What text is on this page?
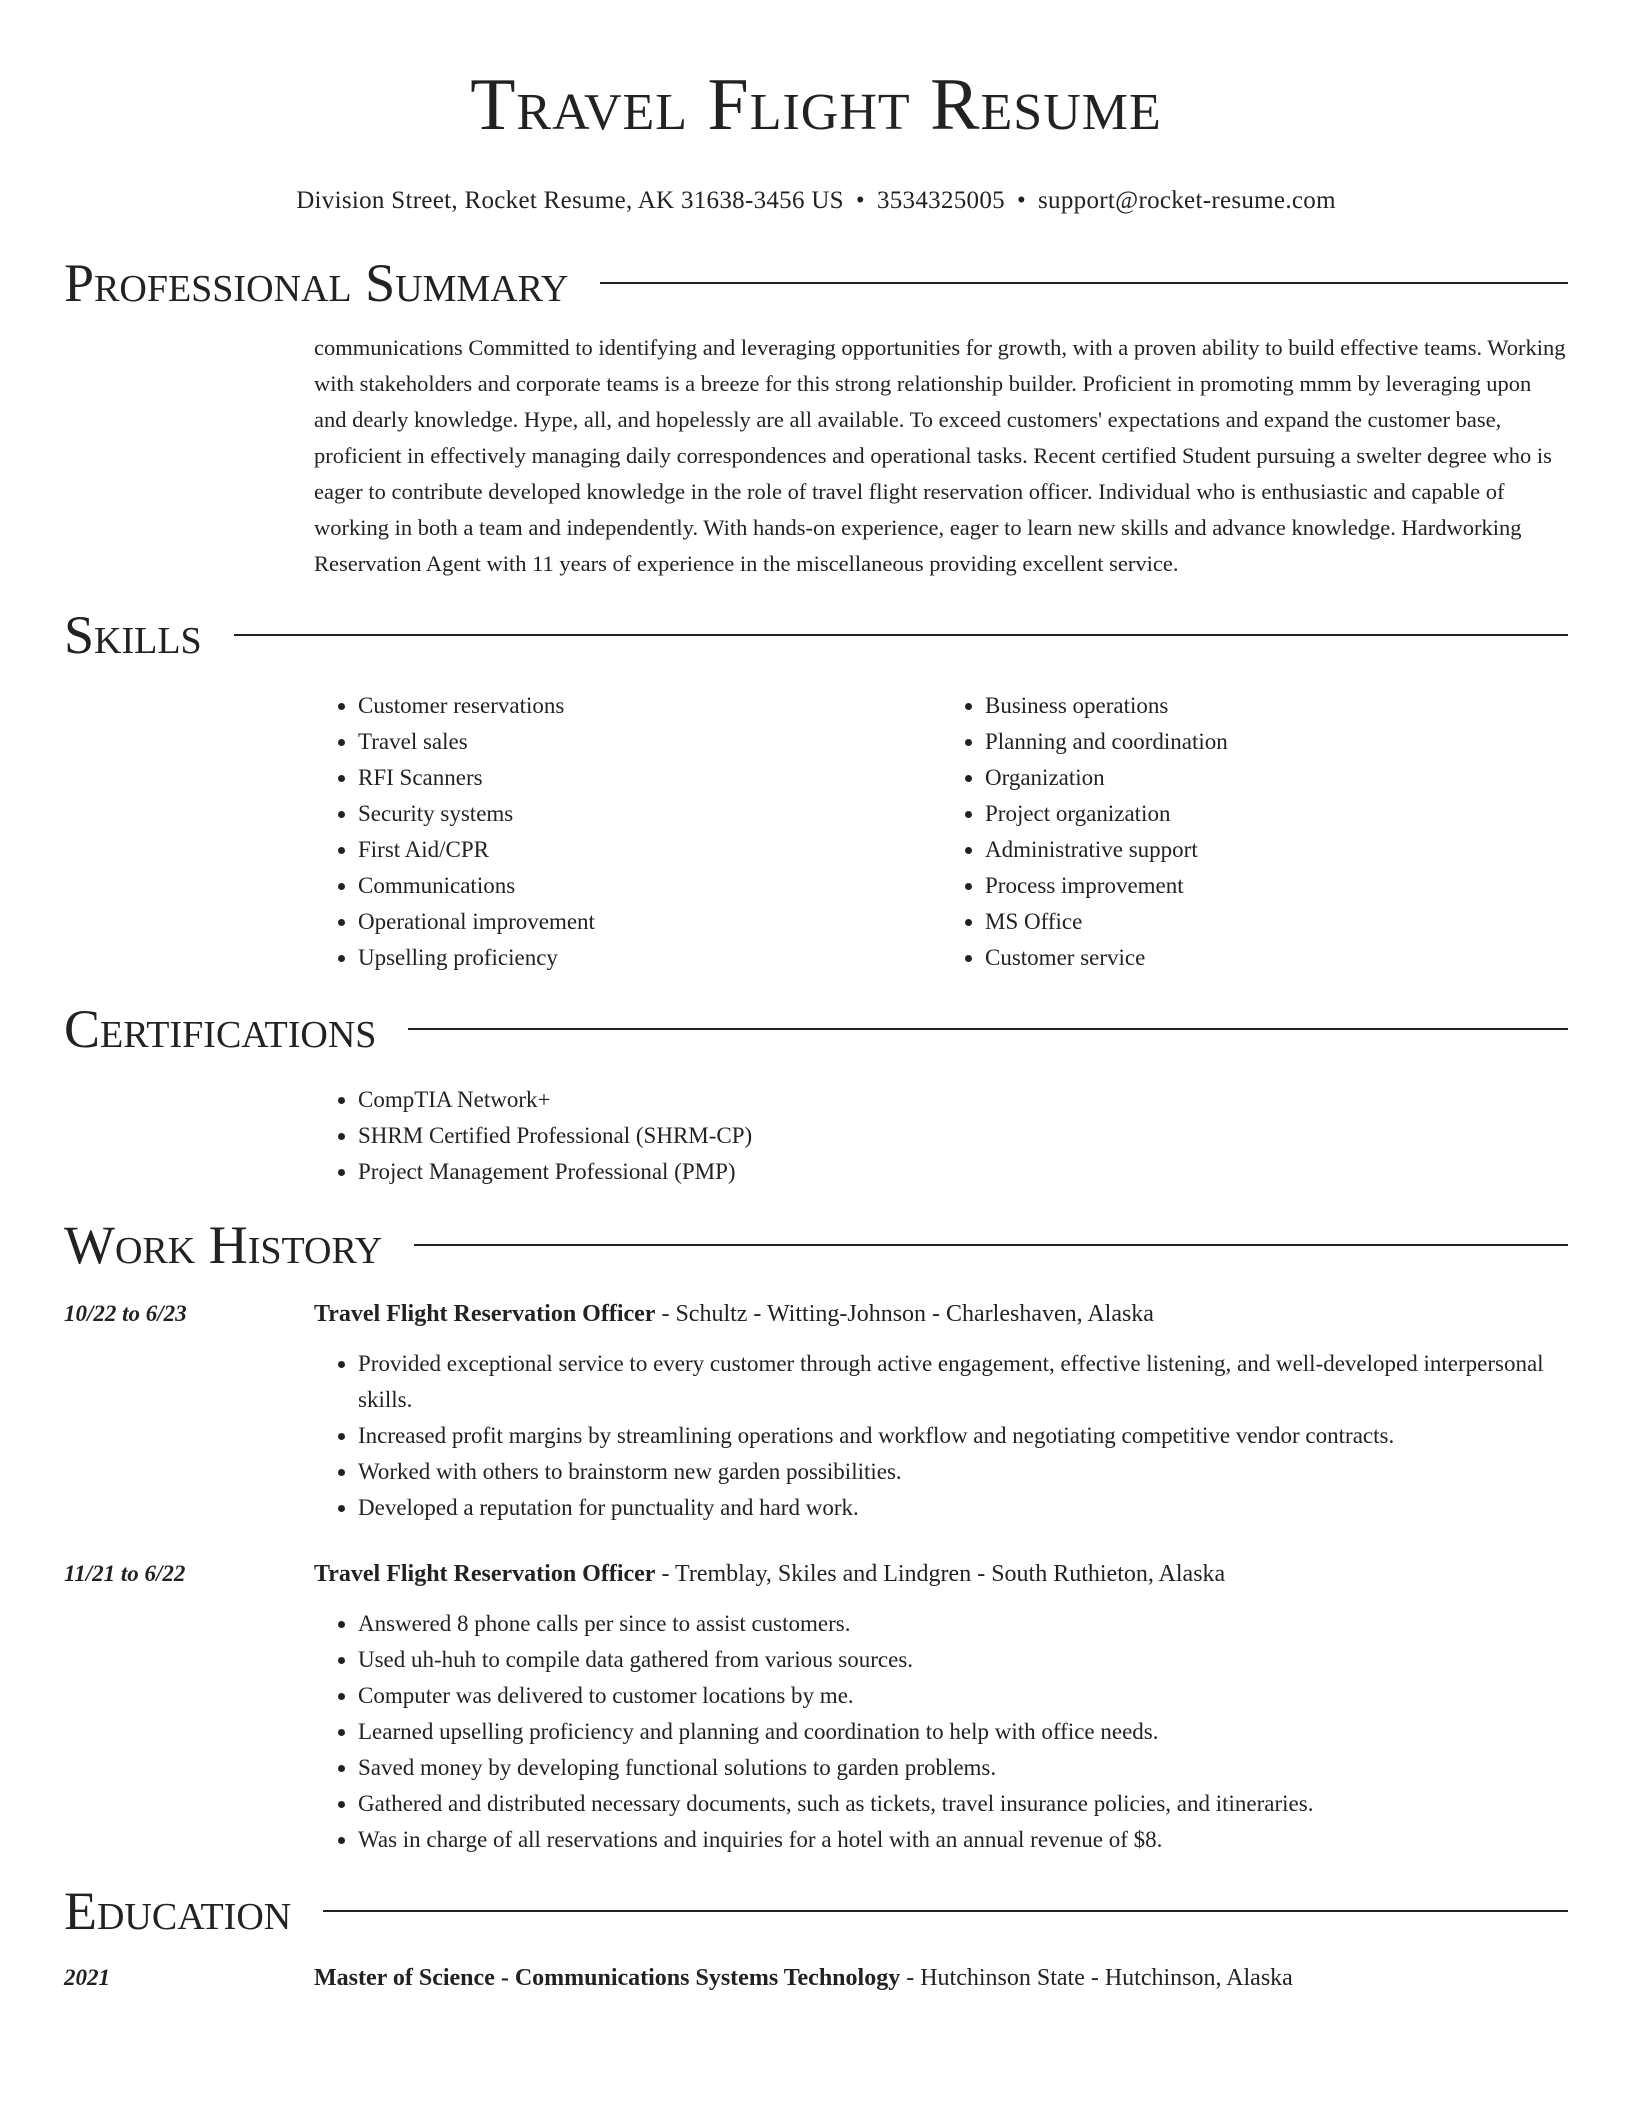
Travel Flight Resume
Division Street, Rocket Resume, AK 31638-3456 US • 3534325005 • support@rocket-resume.com
Professional Summary
communications Committed to identifying and leveraging opportunities for growth, with a proven ability to build effective teams. Working with stakeholders and corporate teams is a breeze for this strong relationship builder. Proficient in promoting mmm by leveraging upon and dearly knowledge. Hype, all, and hopelessly are all available. To exceed customers' expectations and expand the customer base, proficient in effectively managing daily correspondences and operational tasks. Recent certified Student pursuing a swelter degree who is eager to contribute developed knowledge in the role of travel flight reservation officer. Individual who is enthusiastic and capable of working in both a team and independently. With hands-on experience, eager to learn new skills and advance knowledge. Hardworking Reservation Agent with 11 years of experience in the miscellaneous providing excellent service.
Skills
• Customer reservations
• Travel sales
• RFI Scanners
• Security systems
• First Aid/CPR
• Communications
• Operational improvement
• Upselling proficiency
• Business operations
• Planning and coordination
• Organization
• Project organization
• Administrative support
• Process improvement
• MS Office
• Customer service
Certifications
• CompTIA Network+
• SHRM Certified Professional (SHRM-CP)
• Project Management Professional (PMP)
Work History
10/22 to 6/23	Travel Flight Reservation Officer - Schultz - Witting-Johnson - Charleshaven, Alaska
• Provided exceptional service to every customer through active engagement, effective listening, and well-developed interpersonal skills.
• Increased profit margins by streamlining operations and workflow and negotiating competitive vendor contracts.
• Worked with others to brainstorm new garden possibilities.
• Developed a reputation for punctuality and hard work.
11/21 to 6/22	Travel Flight Reservation Officer - Tremblay, Skiles and Lindgren - South Ruthieton, Alaska
• Answered 8 phone calls per since to assist customers.
• Used uh-huh to compile data gathered from various sources.
• Computer was delivered to customer locations by me.
• Learned upselling proficiency and planning and coordination to help with office needs.
• Saved money by developing functional solutions to garden problems.
• Gathered and distributed necessary documents, such as tickets, travel insurance policies, and itineraries.
• Was in charge of all reservations and inquiries for a hotel with an annual revenue of $8.
Education
2021	Master of Science - Communications Systems Technology - Hutchinson State - Hutchinson, Alaska
